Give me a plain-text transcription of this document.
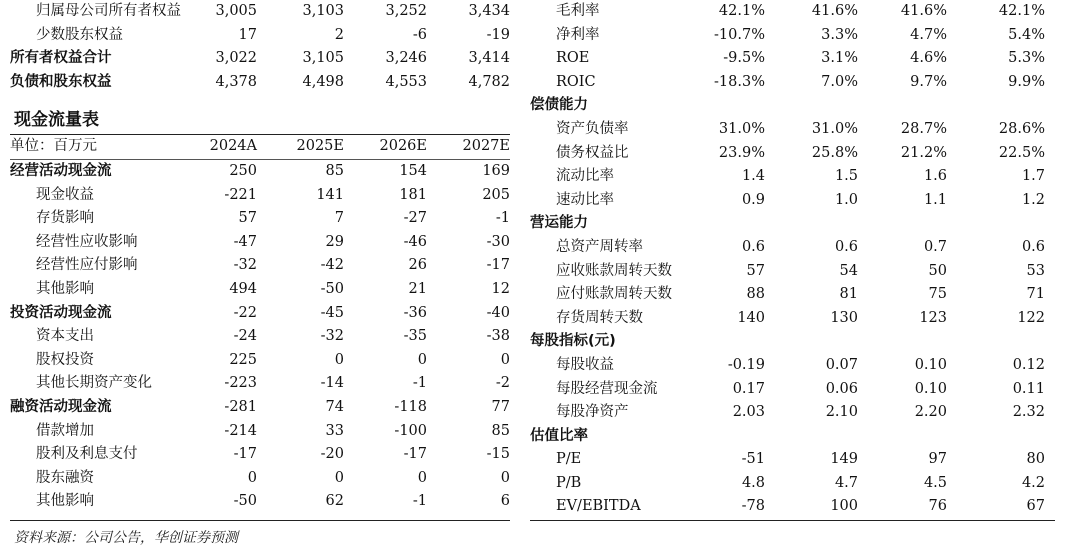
归属母公司所有者权益 3,005	3,103	3,252	3,434
少数股东权益	17	2	-6	-19
所有者权益合计	3,022	3,105	3,246	3,414
负债和股东权益	4,378	4,498	4,553	4,782
现金流量表
单位：百万元	2024A	2025E 2026E 2027E
经营活动现金流	250	85	154	169
现金收益	-221	141	181	205
存货影响	57	7	-27	-1
经营性应收影响	-47	29	-46	-30
经营性应付影响	-32	-42	26	-17
其他影响	494	-50	21	12
投资活动现金流	-22	-45	-36	-40
资本支出	-24	-32	-35	-38
股权投资	225	0	0	0
其他长期资产变化	-223	-14	-1	-2
融资活动现金流	-281	74	-118	77
借款增加	-214	33	-100	85
股利及利息支付	-17	-20	-17	-15
股东融资	0	0	0	0
其他影响	-50	62	-1	6
毛利率	42.1%	41.6%	41.6%	42.1%
净利率	-10.7%	3.3%	4.7%	5.4%
ROE	-9.5%	3.1%	4.6%	5.3%
ROIC	-18.3%	7.0%	9.7%	9.9%
偿债能力
资产负债率	31.0%	31.0%	28.7%	28.6%
债务权益比	23.9%	25.8%	21.2%	22.5%
流动比率	1.4	1.5	1.6	1.7
速动比率	0.9	1.0	1.1	1.2
营运能力
总资产周转率	0.6	0.6	0.7	0.6
应收账款周转天数	57	54	50	53
应付账款周转天数	88	81	75	71
存货周转天数	140	130	123	122
每股指标(元)
每股收益	-0.19	0.07	0.10	0.12
每股经营现金流	0.17	0.06	0.10	0.11
每股净资产	2.03	2.10	2.20	2.32
估值比率
P/E	-51	149	97	80
P/B	4.8	4.7	4.5	4.2
EV/EBITDA	-78	100	76	67
资料来源：公司公告，华创证券预测
